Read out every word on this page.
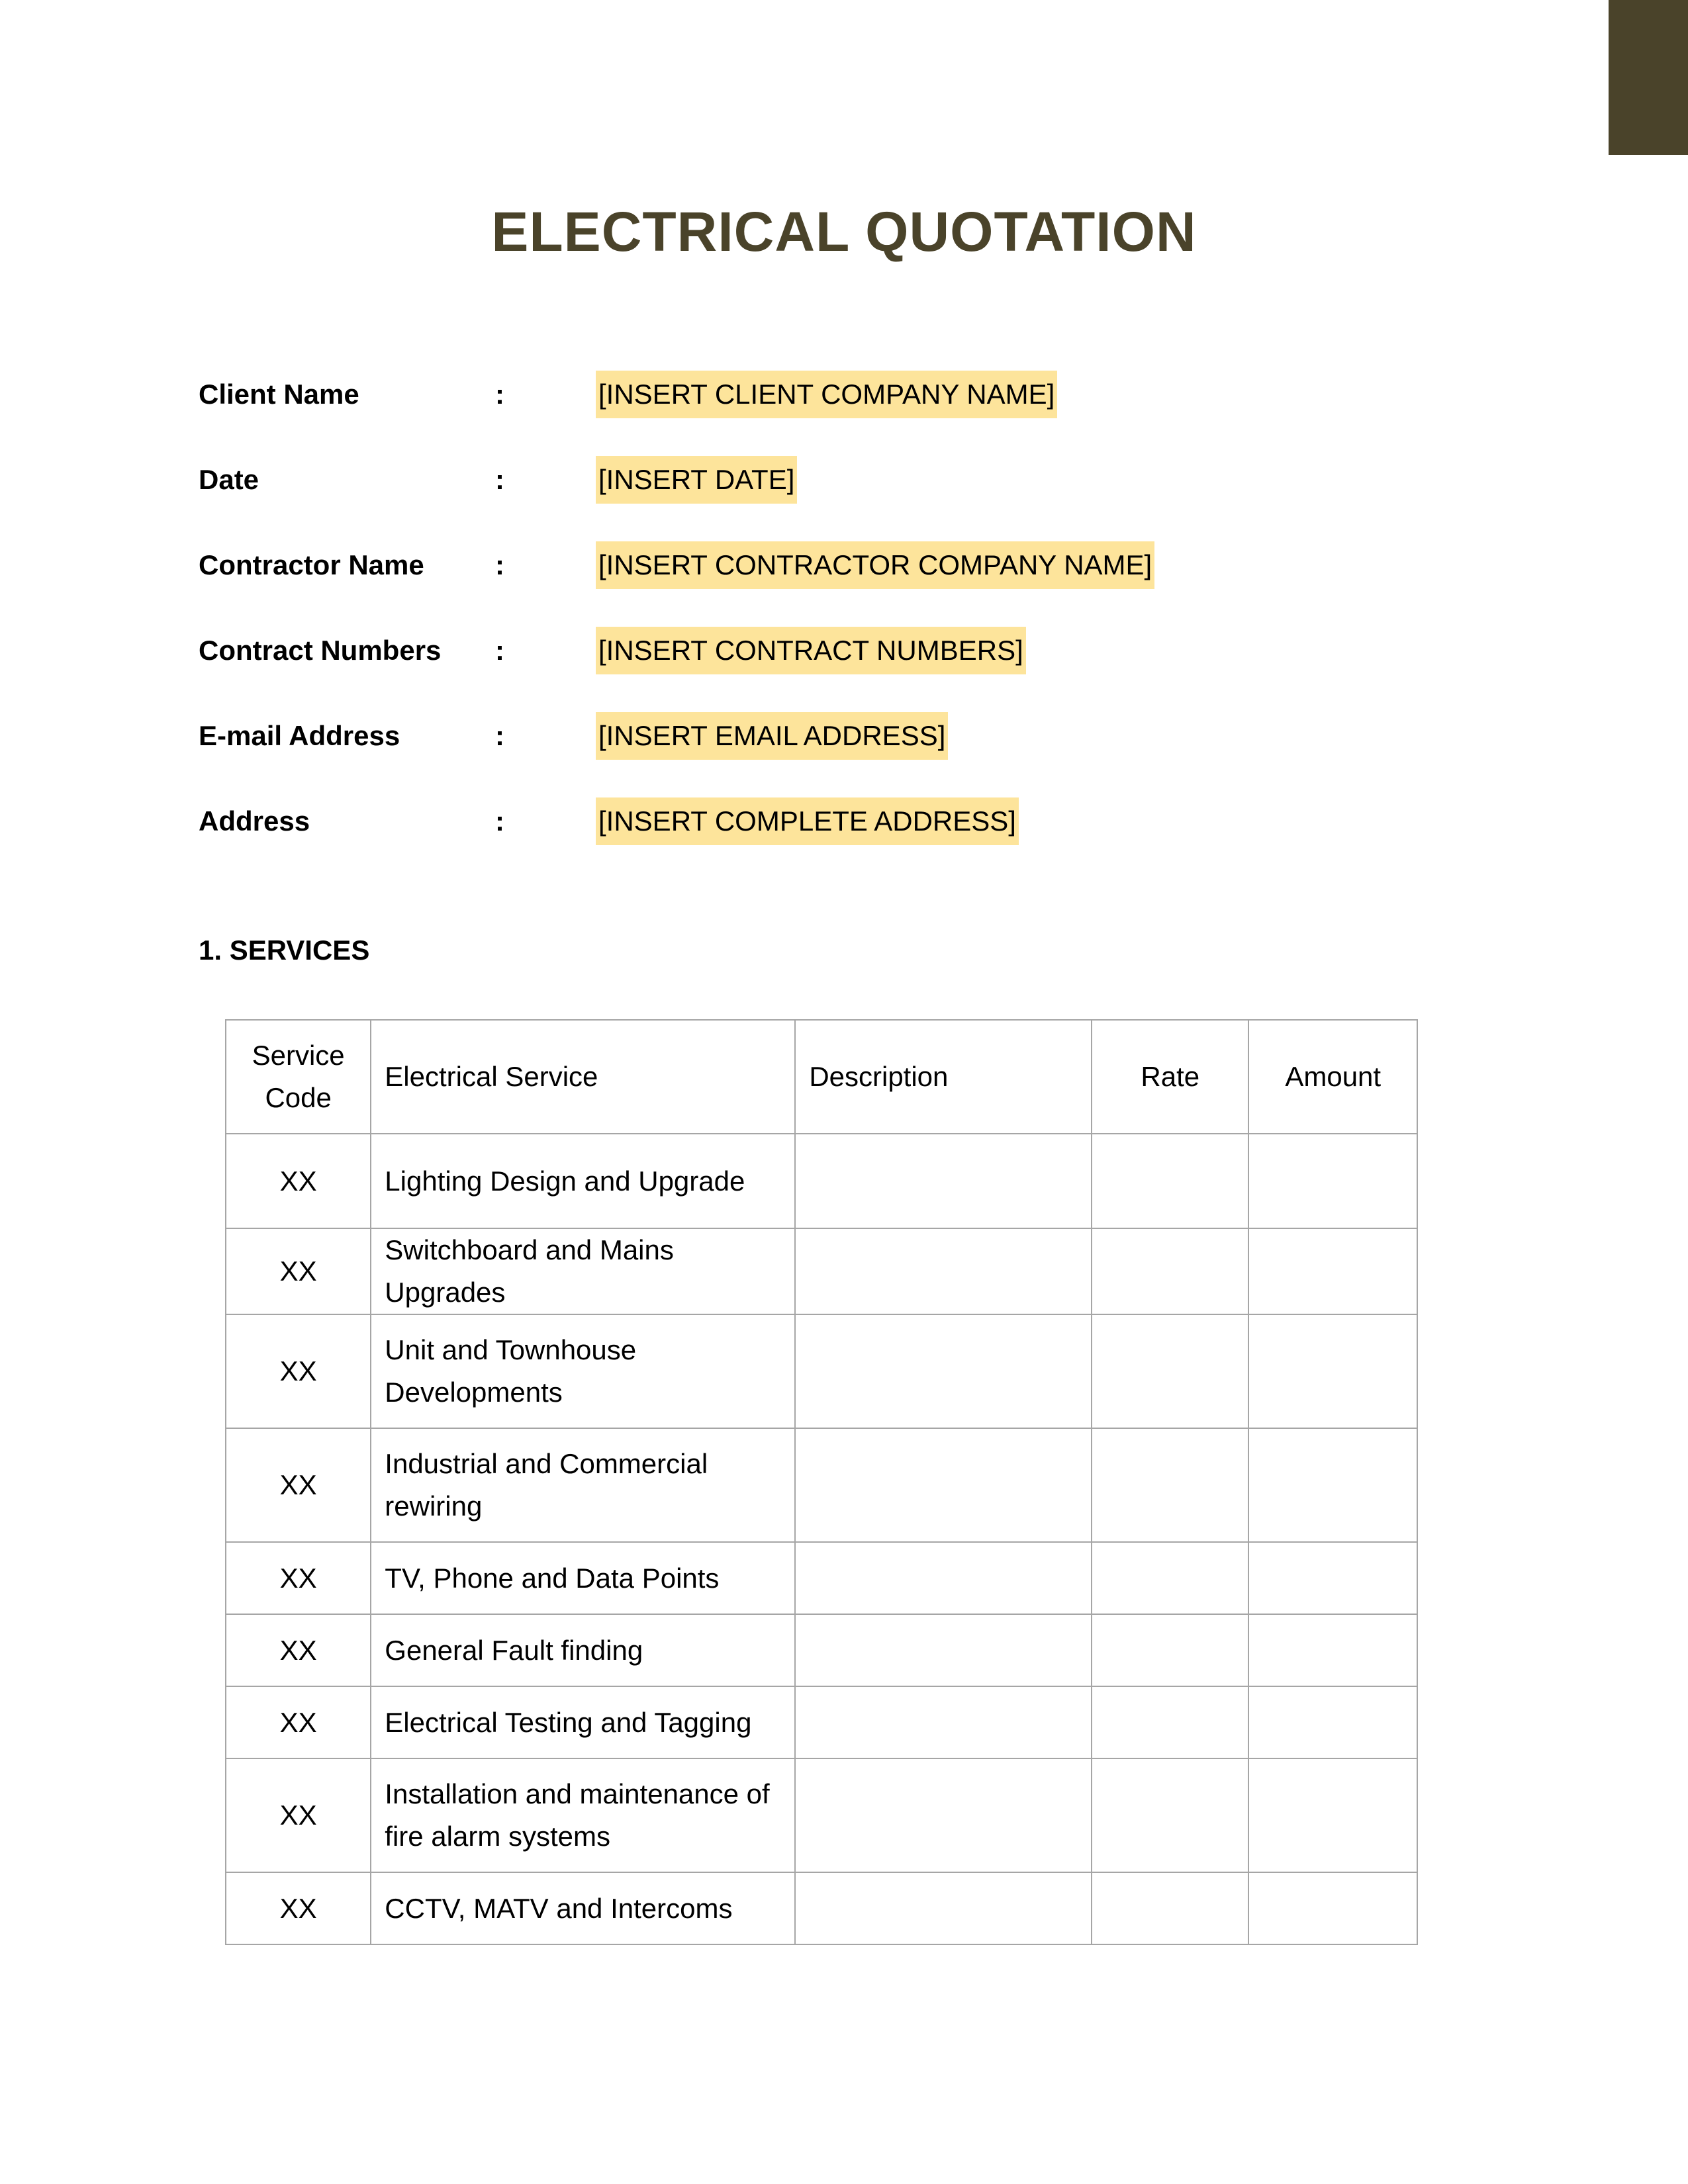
ELECTRICAL QUOTATION
Client Name	:	[INSERT CLIENT COMPANY NAME]
Date	:	[INSERT DATE]
Contractor Name	:	[INSERT CONTRACTOR COMPANY NAME]
Contract Numbers :	[INSERT CONTRACT NUMBERS]
E-mail Address	:	[INSERT EMAIL ADDRESS]
Address	:	[INSERT COMPLETE ADDRESS]
1. SERVICES
Service Code	Electrical Service	Description	Rate	Amount
XX	Lighting Design and Upgrade			
XX	Switchboard and Mains Upgrades			
XX	Unit and Townhouse Developments			
XX	Industrial and Commercial rewiring			
XX	TV, Phone and Data Points			
XX	General Fault finding			
XX	Electrical Testing and Tagging			
XX	Installation and maintenance of fire alarm systems			
XX	CCTV, MATV and Intercoms			
